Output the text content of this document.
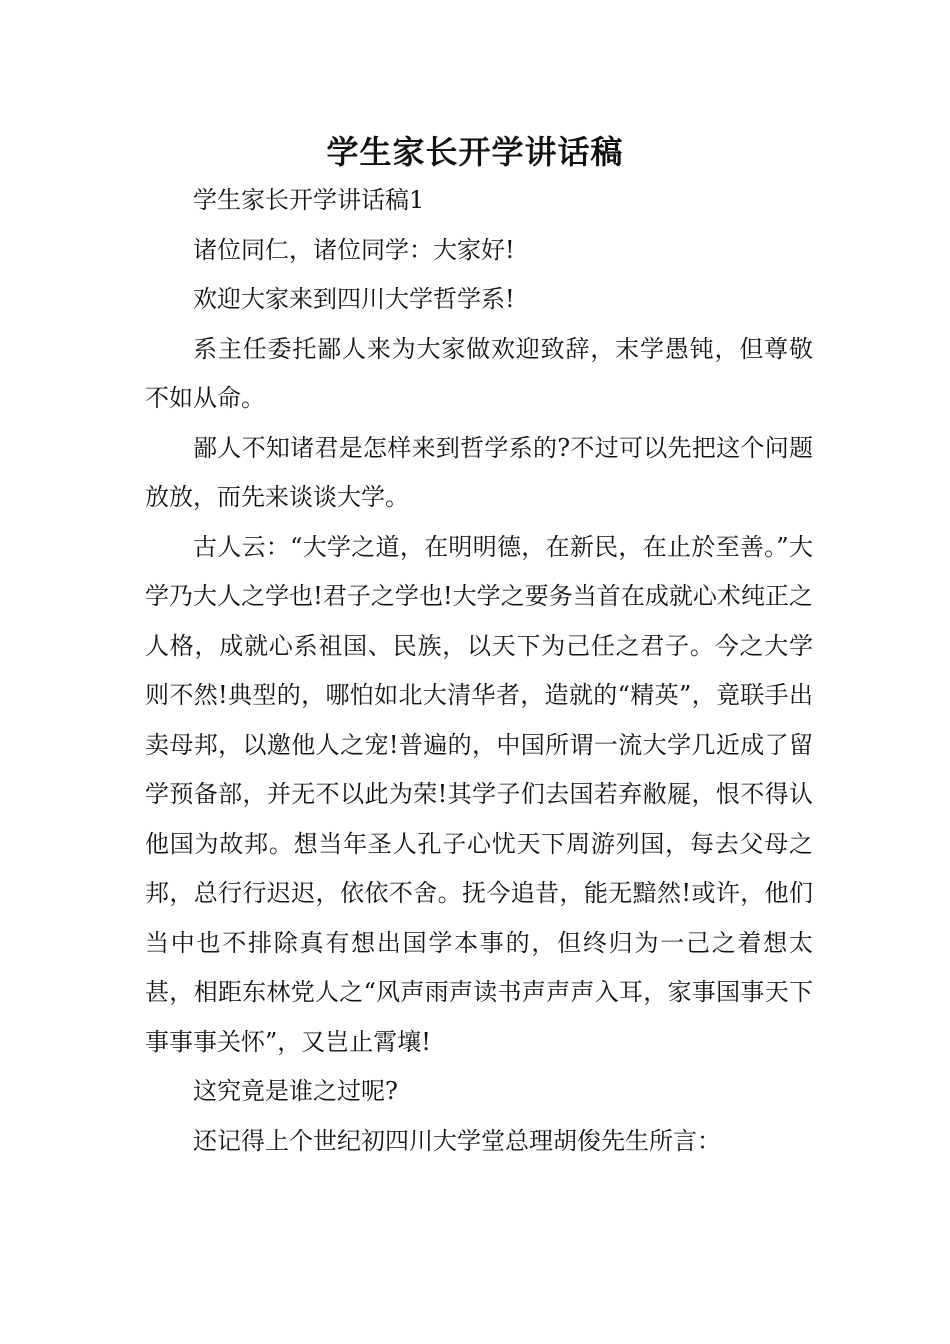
学生家长开学讲话稿

学生家长开学讲话稿1

诸位同仁，诸位同学：大家好!

欢迎大家来到四川大学哲学系!

系主任委托鄙人来为大家做欢迎致辞，末学愚钝，但尊敬不如从命。

鄙人不知诸君是怎样来到哲学系的?不过可以先把这个问题放放，而先来谈谈大学。

古人云：“大学之道，在明明德，在新民，在止於至善。”大学乃大人之学也!君子之学也!大学之要务当首在成就心术纯正之人格，成就心系祖国、民族，以天下为己任之君子。今之大学则不然!典型的，哪怕如北大清华者，造就的“精英”，竟联手出卖母邦，以邀他人之宠!普遍的，中国所谓一流大学几近成了留学预备部，并无不以此为荣!其学子们去国若弃敝屣，恨不得认他国为故邦。想当年圣人孔子心忧天下周游列国，每去父母之邦，总行行迟迟，依依不舍。抚今追昔，能无黯然!或许，他们当中也不排除真有想出国学本事的，但终归为一己之着想太甚，相距东林党人之“风声雨声读书声声声入耳，家事国事天下事事事关怀”，又岂止霄壤!

这究竟是谁之过呢?

还记得上个世纪初四川大学堂总理胡俊先生所言：
